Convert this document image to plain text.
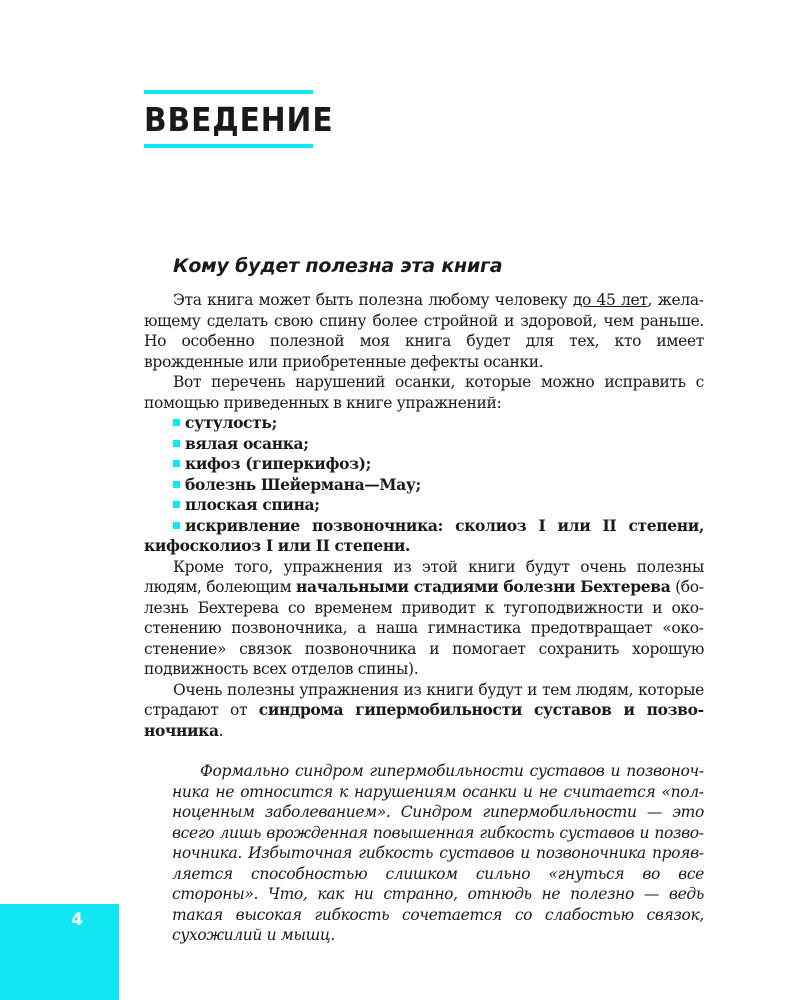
ВВЕДЕНИЕ
Кому будет полезна эта книга

Эта книга может быть полезна любому человеку до 45 лет, желающему сделать свою спину более стройной и здоровой, чем раньше. Но особенно полезной моя книга будет для тех, кто имеет врожденные или приобретенные дефекты осанки.

Вот перечень нарушений осанки, которые можно исправить с помощью приведенных в книге упражнений:

сутулость;
вялая осанка;
кифоз (гиперкифоз);
болезнь Шейермана—Мау;
плоская спина;
искривление позвоночника: сколиоз I или II степени, кифосколиоз I или II степени.

Кроме того, упражнения из этой книги будут очень полезны людям, болеющим начальными стадиями болезни Бехтерева (болезнь Бехтерева со временем приводит к тугоподвижности и окостенению позвоночника, а наша гимнастика предотвращает «окостенение» связок позвоночника и помогает сохранить хорошую подвижность всех отделов спины).

Очень полезны упражнения из книги будут и тем людям, которые страдают от синдрома гипермобильности суставов и позвоночника.

Формально синдром гипермобильности суставов и позвоночника не относится к нарушениям осанки и не считается «полноценным заболеванием». Синдром гипермобильности — это всего лишь врожденная повышенная гибкость суставов и позвоночника. Избыточная гибкость суставов и позвоночника проявляется способностью слишком сильно «гнуться во все стороны». Что, как ни странно, отнюдь не полезно — ведь такая высокая гибкость сочетается со слабостью связок, сухожилий и мышц.

4
